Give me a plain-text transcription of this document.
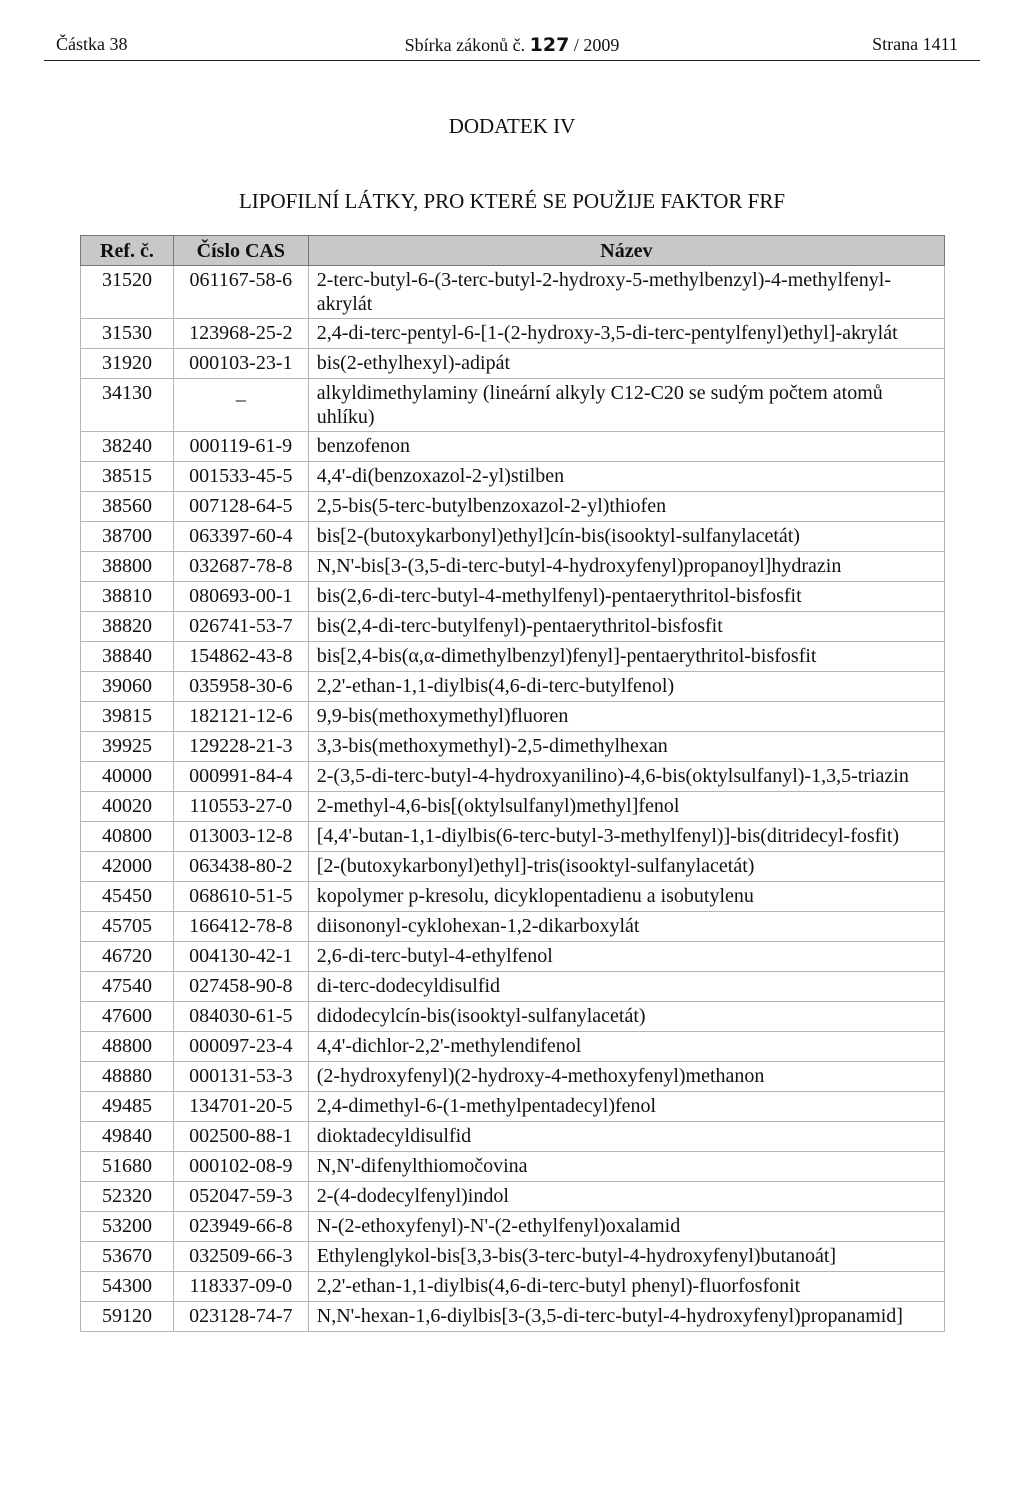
Částka 38	Sbírka zákonů č. 127 / 2009	Strana 1411
DODATEK IV
LIPOFILNÍ LÁTKY, PRO KTERÉ SE POUŽIJE FAKTOR FRF
Ref. č.	Číslo CAS	Název
31520	061167-58-6	2-terc-butyl-6-(3-terc-butyl-2-hydroxy-5-methylbenzyl)-4-methylfenyl-akrylát
31530	123968-25-2	2,4-di-terc-pentyl-6-[1-(2-hydroxy-3,5-di-terc-pentylfenyl)ethyl]-akrylát
31920	000103-23-1	bis(2-ethylhexyl)-adipát
34130	_	alkyldimethylaminy (lineární alkyly C12-C20 se sudým počtem atomů uhlíku)
38240	000119-61-9	benzofenon
38515	001533-45-5	4,4'-di(benzoxazol-2-yl)stilben
38560	007128-64-5	2,5-bis(5-terc-butylbenzoxazol-2-yl)thiofen
38700	063397-60-4	bis[2-(butoxykarbonyl)ethyl]cín-bis(isooktyl-sulfanylacetát)
38800	032687-78-8	N,N'-bis[3-(3,5-di-terc-butyl-4-hydroxyfenyl)propanoyl]hydrazin
38810	080693-00-1	bis(2,6-di-terc-butyl-4-methylfenyl)-pentaerythritol-bisfosfit
38820	026741-53-7	bis(2,4-di-terc-butylfenyl)-pentaerythritol-bisfosfit
38840	154862-43-8	bis[2,4-bis(α,α-dimethylbenzyl)fenyl]-pentaerythritol-bisfosfit
39060	035958-30-6	2,2'-ethan-1,1-diylbis(4,6-di-terc-butylfenol)
39815	182121-12-6	9,9-bis(methoxymethyl)fluoren
39925	129228-21-3	3,3-bis(methoxymethyl)-2,5-dimethylhexan
40000	000991-84-4	2-(3,5-di-terc-butyl-4-hydroxyanilino)-4,6-bis(oktylsulfanyl)-1,3,5-triazin
40020	110553-27-0	2-methyl-4,6-bis[(oktylsulfanyl)methyl]fenol
40800	013003-12-8	[4,4'-butan-1,1-diylbis(6-terc-butyl-3-methylfenyl)]-bis(ditridecyl-fosfit)
42000	063438-80-2	[2-(butoxykarbonyl)ethyl]-tris(isooktyl-sulfanylacetát)
45450	068610-51-5	kopolymer p-kresolu, dicyklopentadienu a isobutylenu
45705	166412-78-8	diisononyl-cyklohexan-1,2-dikarboxylát
46720	004130-42-1	2,6-di-terc-butyl-4-ethylfenol
47540	027458-90-8	di-terc-dodecyldisulfid
47600	084030-61-5	didodecylcín-bis(isooktyl-sulfanylacetát)
48800	000097-23-4	4,4'-dichlor-2,2'-methylendifenol
48880	000131-53-3	(2-hydroxyfenyl)(2-hydroxy-4-methoxyfenyl)methanon
49485	134701-20-5	2,4-dimethyl-6-(1-methylpentadecyl)fenol
49840	002500-88-1	dioktadecyldisulfid
51680	000102-08-9	N,N'-difenylthiomočovina
52320	052047-59-3	2-(4-dodecylfenyl)indol
53200	023949-66-8	N-(2-ethoxyfenyl)-N'-(2-ethylfenyl)oxalamid
53670	032509-66-3	Ethylenglykol-bis[3,3-bis(3-terc-butyl-4-hydroxyfenyl)butanoát]
54300	118337-09-0	2,2'-ethan-1,1-diylbis(4,6-di-terc-butyl phenyl)-fluorfosfonit
59120	023128-74-7	N,N'-hexan-1,6-diylbis[3-(3,5-di-terc-butyl-4-hydroxyfenyl)propanamid]
